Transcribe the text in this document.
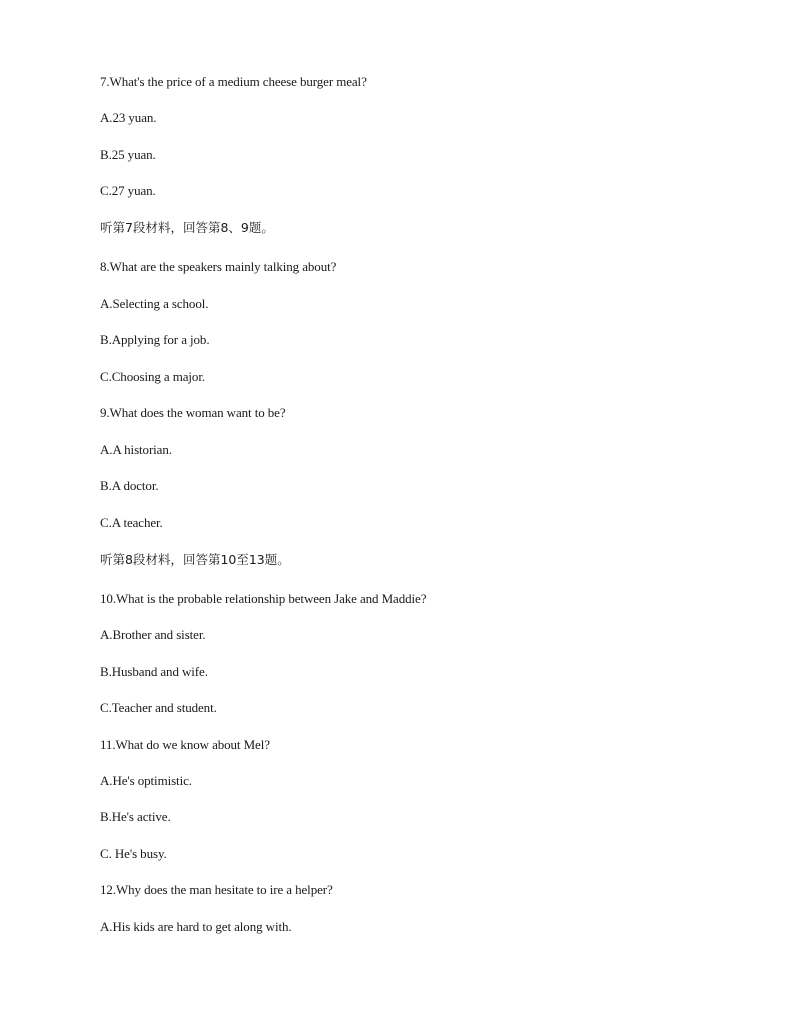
7.What's the price of a medium cheese burger meal?
A.23 yuan.
B.25 yuan.
C.27 yuan.
听第7段材料，回答第8、9题。
8.What are the speakers mainly talking about?
A.Selecting a school.
B.Applying for a job.
C.Choosing a major.
9.What does the woman want to be?
A.A historian.
B.A doctor.
C.A teacher.
听第8段材料，回答第10至13题。
10.What is the probable relationship between Jake and Maddie?
A.Brother and sister.
B.Husband and wife.
C.Teacher and student.
11.What do we know about Mel?
A.He's optimistic.
B.He's active.
C. He's busy.
12.Why does the man hesitate to ire a helper?
A.His kids are hard to get along with.
